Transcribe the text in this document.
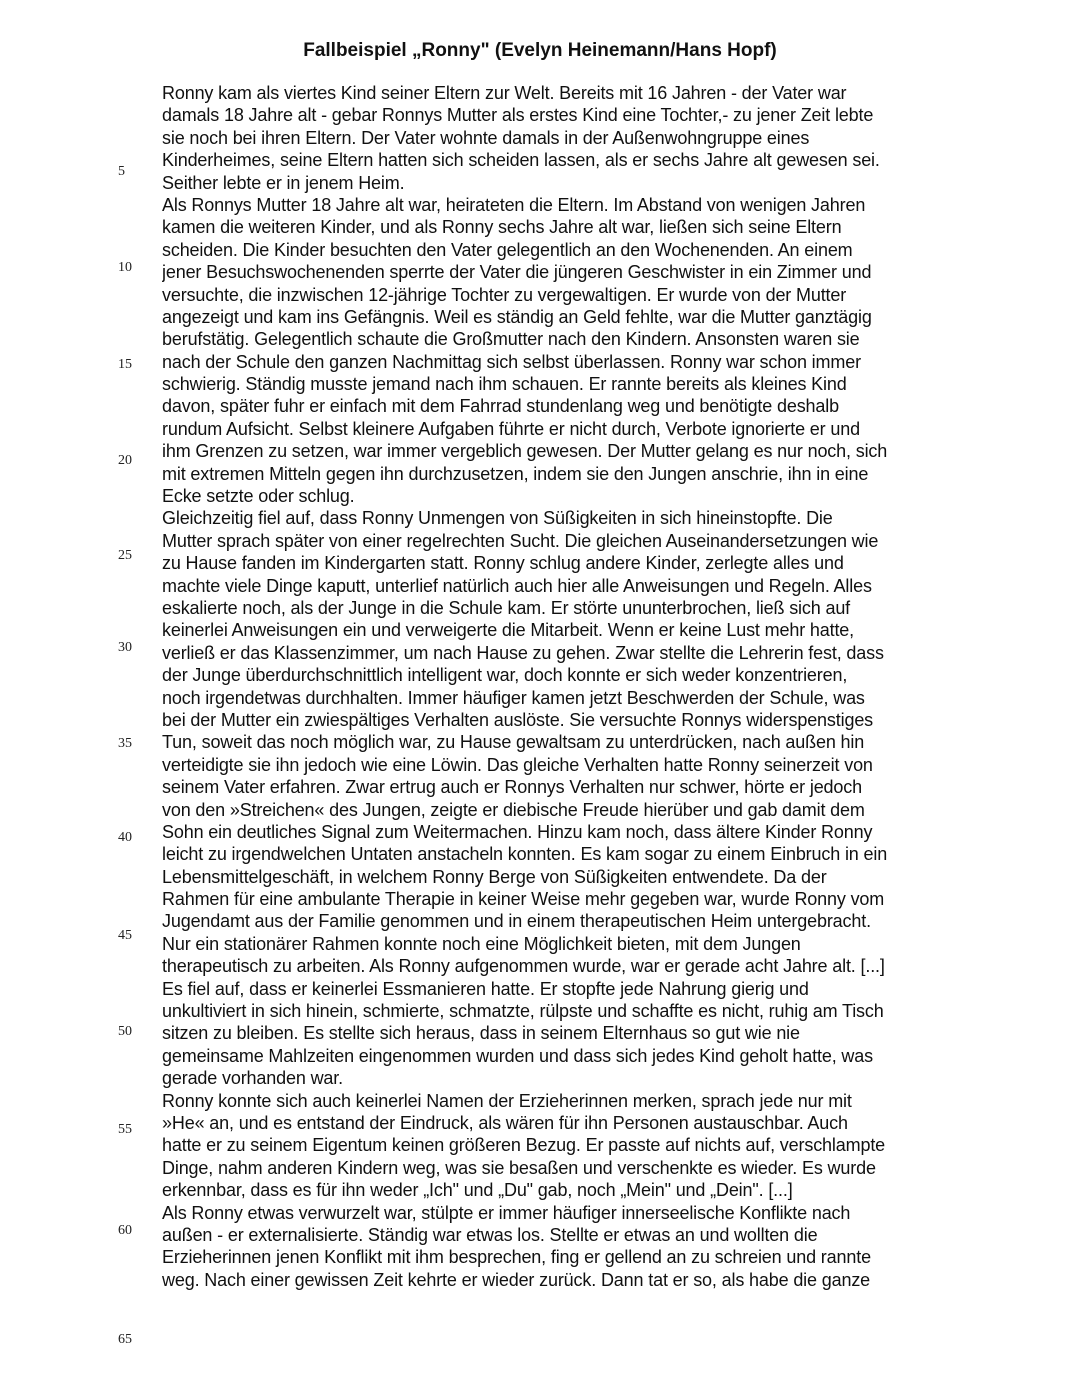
Fallbeispiel „Ronny" (Evelyn Heinemann/Hans Hopf)
5
10
15
20
25
30
35
40
45
50
55
60
65
Ronny kam als viertes Kind seiner Eltern zur Welt. Bereits mit 16 Jahren - der Vater war
damals 18 Jahre alt - gebar Ronnys Mutter als erstes Kind eine Tochter,- zu jener Zeit lebte
sie noch bei ihren Eltern. Der Vater wohnte damals in der Außenwohngruppe eines
Kinderheimes, seine Eltern hatten sich scheiden lassen, als er sechs Jahre alt gewesen sei.
Seither lebte er in jenem Heim.
Als Ronnys Mutter 18 Jahre alt war, heirateten die Eltern. Im Abstand von wenigen Jahren
kamen die weiteren Kinder, und als Ronny sechs Jahre alt war, ließen sich seine Eltern
scheiden. Die Kinder besuchten den Vater gelegentlich an den Wochenenden. An einem
jener Besuchswochenenden sperrte der Vater die jüngeren Geschwister in ein Zimmer und
versuchte, die inzwischen 12-jährige Tochter zu vergewaltigen. Er wurde von der Mutter
angezeigt und kam ins Gefängnis. Weil es ständig an Geld fehlte, war die Mutter ganztägig
berufstätig. Gelegentlich schaute die Großmutter nach den Kindern. Ansonsten waren sie
nach der Schule den ganzen Nachmittag sich selbst überlassen. Ronny war schon immer
schwierig. Ständig musste jemand nach ihm schauen. Er rannte bereits als kleines Kind
davon, später fuhr er einfach mit dem Fahrrad stundenlang weg und benötigte deshalb
rundum Aufsicht. Selbst kleinere Aufgaben führte er nicht durch, Verbote ignorierte er und
ihm Grenzen zu setzen, war immer vergeblich gewesen. Der Mutter gelang es nur noch, sich
mit extremen Mitteln gegen ihn durchzusetzen, indem sie den Jungen anschrie, ihn in eine
Ecke setzte oder schlug.
Gleichzeitig fiel auf, dass Ronny Unmengen von Süßigkeiten in sich hineinstopfte. Die
Mutter sprach später von einer regelrechten Sucht. Die gleichen Auseinandersetzungen wie
zu Hause fanden im Kindergarten statt. Ronny schlug andere Kinder, zerlegte alles und
machte viele Dinge kaputt, unterlief natürlich auch hier alle Anweisungen und Regeln. Alles
eskalierte noch, als der Junge in die Schule kam. Er störte ununterbrochen, ließ sich auf
keinerlei Anweisungen ein und verweigerte die Mitarbeit. Wenn er keine Lust mehr hatte,
verließ er das Klassenzimmer, um nach Hause zu gehen. Zwar stellte die Lehrerin fest, dass
der Junge überdurchschnittlich intelligent war, doch konnte er sich weder konzentrieren,
noch irgendetwas durchhalten. Immer häufiger kamen jetzt Beschwerden der Schule, was
bei der Mutter ein zwiespältiges Verhalten auslöste. Sie versuchte Ronnys widerspenstiges
Tun, soweit das noch möglich war, zu Hause gewaltsam zu unterdrücken, nach außen hin
verteidigte sie ihn jedoch wie eine Löwin. Das gleiche Verhalten hatte Ronny seinerzeit von
seinem Vater erfahren. Zwar ertrug auch er Ronnys Verhalten nur schwer, hörte er jedoch
von den »Streichen« des Jungen, zeigte er diebische Freude hierüber und gab damit dem
Sohn ein deutliches Signal zum Weitermachen. Hinzu kam noch, dass ältere Kinder Ronny
leicht zu irgendwelchen Untaten anstacheln konnten. Es kam sogar zu einem Einbruch in ein
Lebensmittelgeschäft, in welchem Ronny Berge von Süßigkeiten entwendete. Da der
Rahmen für eine ambulante Therapie in keiner Weise mehr gegeben war, wurde Ronny vom
Jugendamt aus der Familie genommen und in einem therapeutischen Heim untergebracht.
Nur ein stationärer Rahmen konnte noch eine Möglichkeit bieten, mit dem Jungen
therapeutisch zu arbeiten. Als Ronny aufgenommen wurde, war er gerade acht Jahre alt. [...]
Es fiel auf, dass er keinerlei Essmanieren hatte. Er stopfte jede Nahrung gierig und
unkultiviert in sich hinein, schmierte, schmatzte, rülpste und schaffte es nicht, ruhig am Tisch
sitzen zu bleiben. Es stellte sich heraus, dass in seinem Elternhaus so gut wie nie
gemeinsame Mahlzeiten eingenommen wurden und dass sich jedes Kind geholt hatte, was
gerade vorhanden war.
Ronny konnte sich auch keinerlei Namen der Erzieherinnen merken, sprach jede nur mit
»He« an, und es entstand der Eindruck, als wären für ihn Personen austauschbar. Auch
hatte er zu seinem Eigentum keinen größeren Bezug. Er passte auf nichts auf, verschlampte
Dinge, nahm anderen Kindern weg, was sie besaßen und verschenkte es wieder. Es wurde
erkennbar, dass es für ihn weder „Ich" und „Du" gab, noch „Mein" und „Dein". [...]
Als Ronny etwas verwurzelt war, stülpte er immer häufiger innerseelische Konflikte nach
außen - er externalisierte. Ständig war etwas los. Stellte er etwas an und wollten die
Erzieherinnen jenen Konflikt mit ihm besprechen, fing er gellend an zu schreien und rannte
weg. Nach einer gewissen Zeit kehrte er wieder zurück. Dann tat er so, als habe die ganze
